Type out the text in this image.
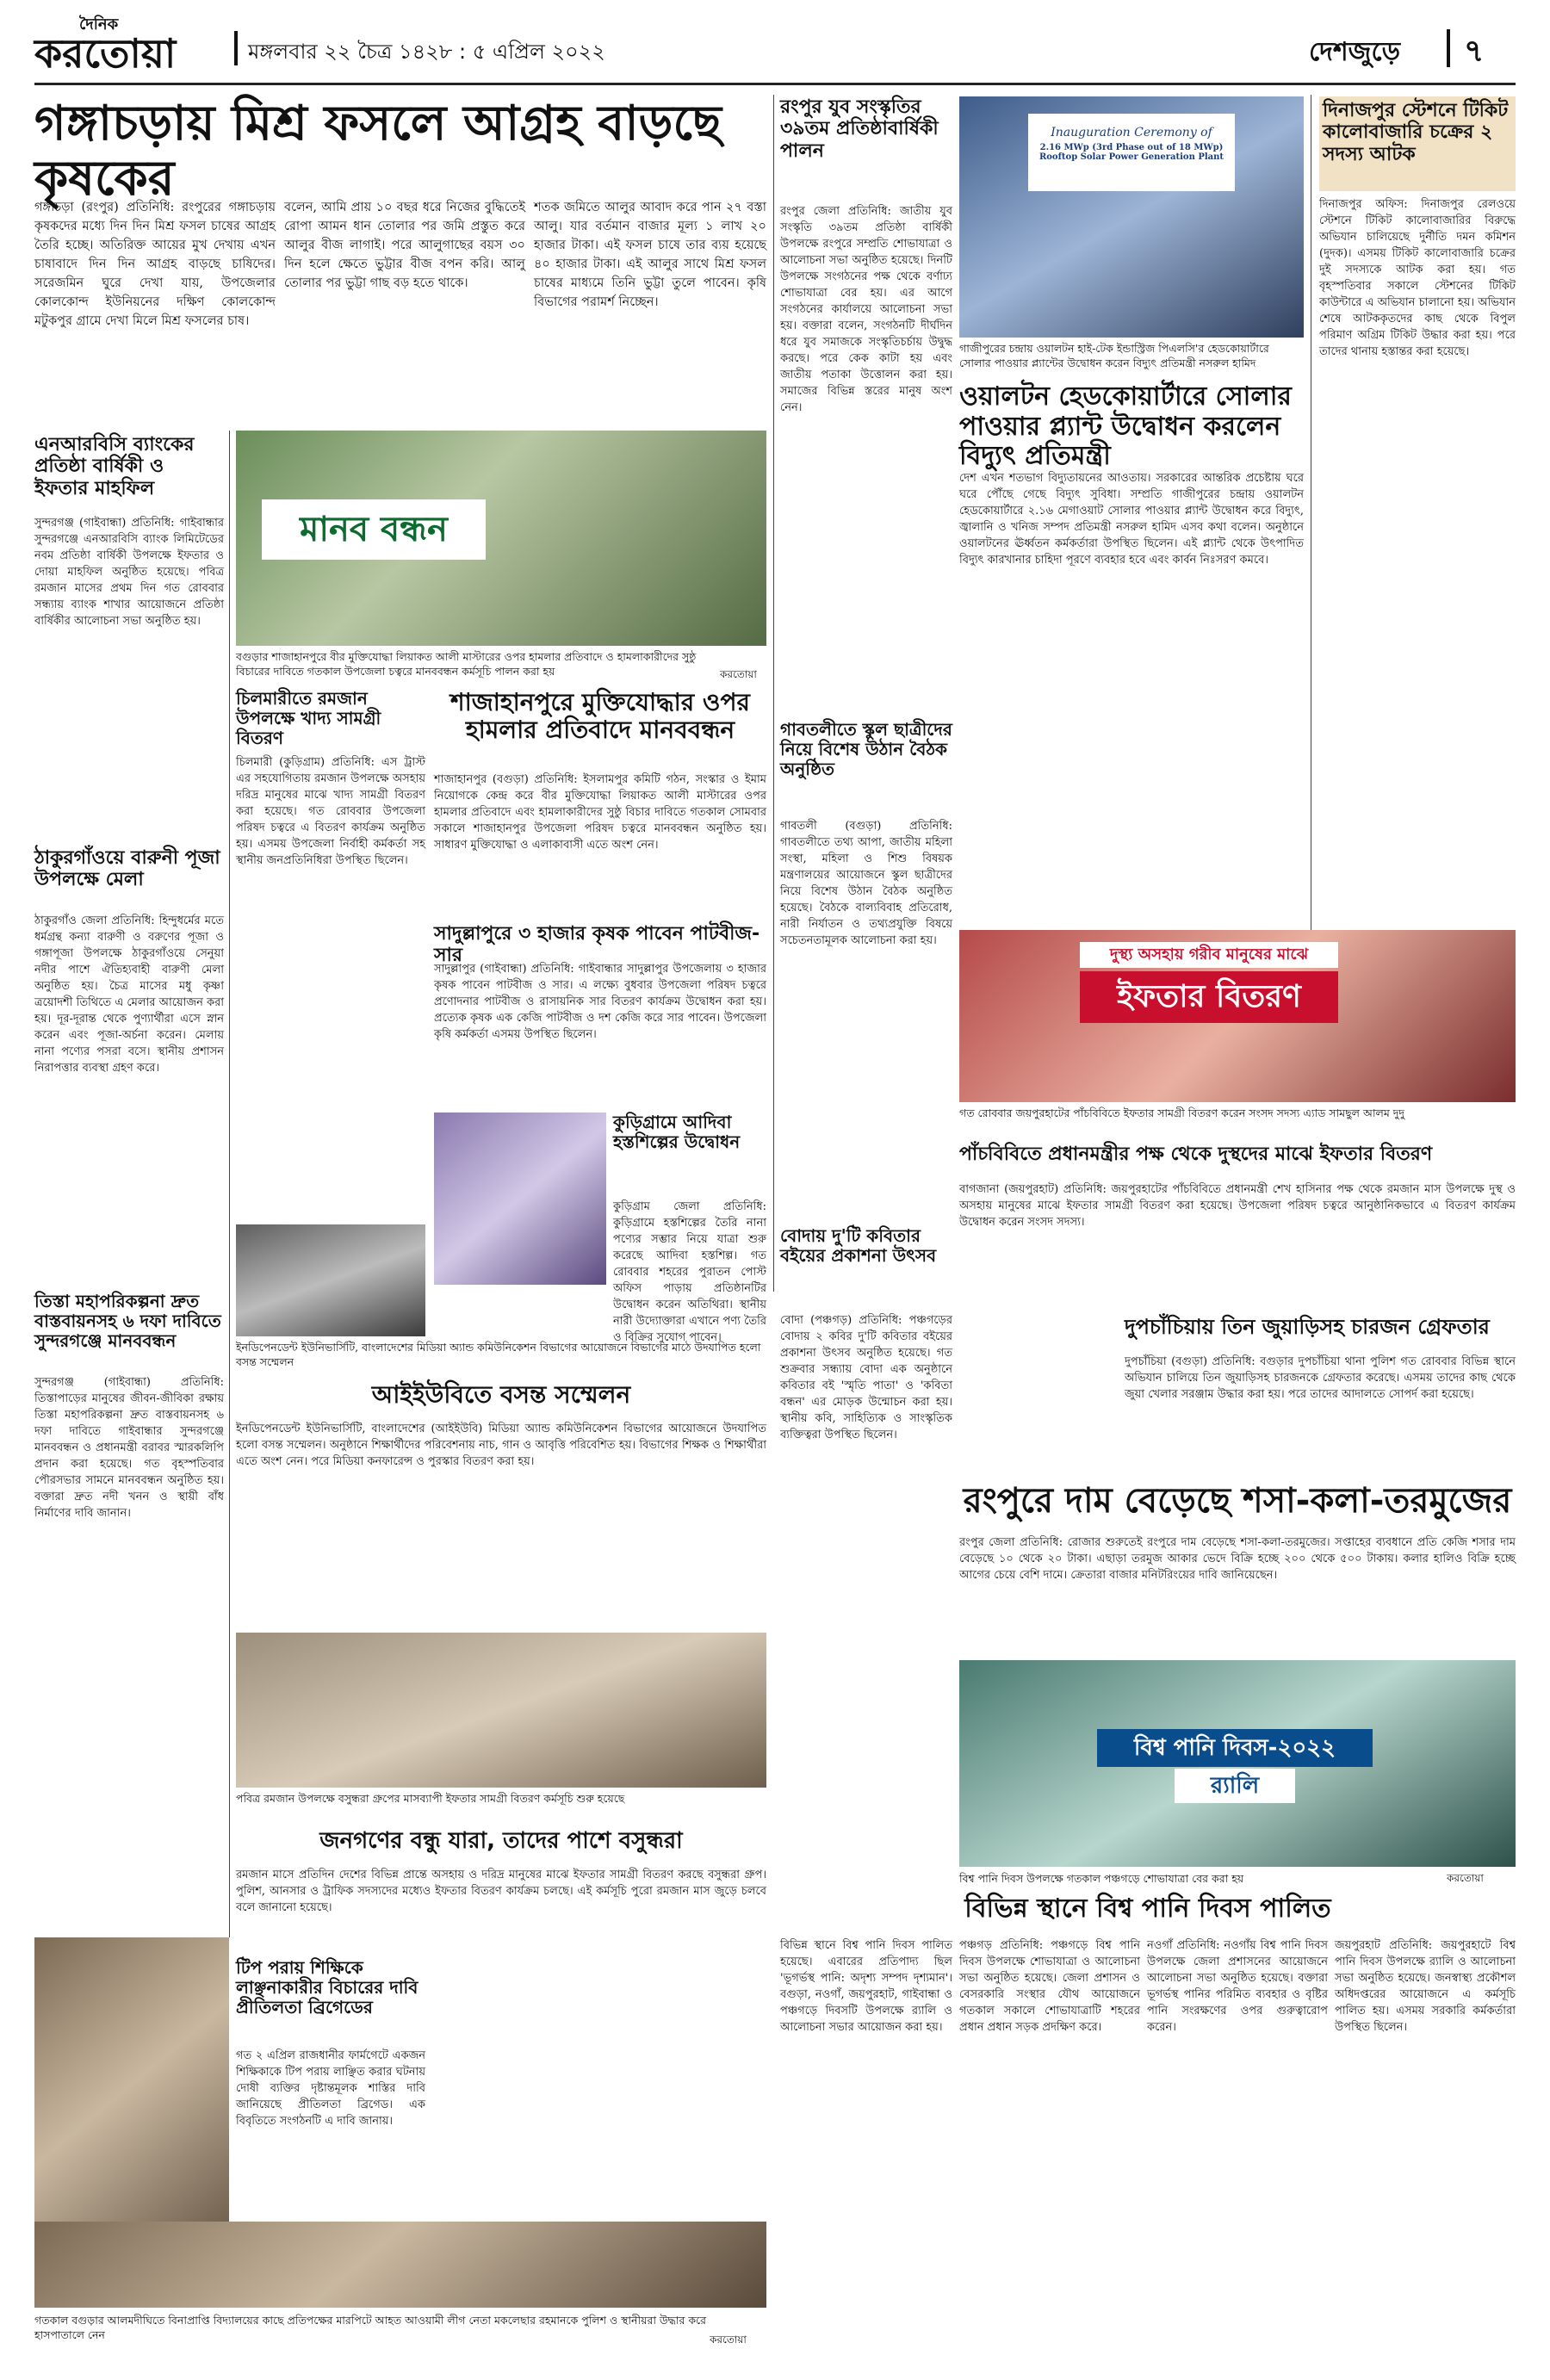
দৈনিক
করতোয়া	মঙ্গলবার ২২ চৈত্র ১৪২৮ : ৫ এপ্রিল ২০২২	দেশজুড়ে	৭
গঙ্গাচড়ায় মিশ্র ফসলে আগ্রহ বাড়ছে কৃষকের
গঙ্গাচড়া (রংপুর) প্রতিনিধি: রংপুরের গঙ্গাচড়ায় কৃষকদের মধ্যে দিন দিন মিশ্র ফসল চাষের আগ্রহ তৈরি হচ্ছে। অতিরিক্ত আয়ের মুখ দেখায় এখন চাষাবাদে দিন দিন আগ্রহ বাড়ছে চাষিদের। সরেজমিন ঘুরে দেখা যায়, উপজেলার কোলকোন্দ ইউনিয়নের দক্ষিণ কোলকোন্দ মটুকপুর গ্রামে দেখা মিলে মিশ্র ফসলের চাষ।
বলেন, আমি প্রায় ১০ বছর ধরে নিজের বুদ্ধিতেই রোপা আমন ধান তোলার পর জমি প্রস্তুত করে আলুর বীজ লাগাই। পরে আলুগাছের বয়স ৩০ দিন হলে ক্ষেতে ভুট্টার বীজ বপন করি। আলু তোলার পর ভুট্টা গাছ বড় হতে থাকে।
শতক জমিতে আলুর আবাদ করে পান ২৭ বস্তা আলু। যার বর্তমান বাজার মূল্য ১ লাখ ২০ হাজার টাকা। এই ফসল চাষে তার ব্যয় হয়েছে ৪০ হাজার টাকা। এই আলুর সাথে মিশ্র ফসল চাষের মাধ্যমে তিনি ভুট্টা তুলে পাবেন। কৃষি বিভাগের পরামর্শ নিচ্ছেন।
রংপুর যুব সংস্কৃতির ৩৯তম প্রতিষ্ঠাবার্ষিকী পালন
রংপুর জেলা প্রতিনিধি: জাতীয় যুব সংস্কৃতি ৩৯তম প্রতিষ্ঠা বার্ষিকী উপলক্ষে রংপুরে সম্প্রতি শোভাযাত্রা ও আলোচনা সভা অনুষ্ঠিত হয়েছে। দিনটি উপলক্ষে সংগঠনের পক্ষ থেকে বর্ণাঢ্য শোভাযাত্রা বের হয়। এর আগে সংগঠনের কার্যালয়ে আলোচনা সভা হয়। বক্তারা বলেন, সংগঠনটি দীর্ঘদিন ধরে যুব সমাজকে সংস্কৃতিচর্চায় উদ্বুদ্ধ করছে। পরে কেক কাটা হয় এবং জাতীয় পতাকা উত্তোলন করা হয়। সমাজের বিভিন্ন স্তরের মানুষ অংশ নেন।
Inauguration Ceremony of
2.16 MWp (3rd Phase out of 18 MWp) Rooftop Solar Power Generation Plant
গাজীপুরের চন্দ্রায় ওয়ালটন হাই-টেক ইন্ডাস্ট্রিজ পিএলসি'র হেডকোয়ার্টারে সোলার পাওয়ার প্ল্যান্টের উদ্বোধন করেন বিদ্যুৎ প্রতিমন্ত্রী নসরুল হামিদ
ওয়ালটন হেডকোয়ার্টারে সোলার পাওয়ার প্ল্যান্ট উদ্বোধন করলেন বিদ্যুৎ প্রতিমন্ত্রী
দেশ এখন শতভাগ বিদ্যুতায়নের আওতায়। সরকারের আন্তরিক প্রচেষ্টায় ঘরে ঘরে পৌঁছে গেছে বিদ্যুৎ সুবিধা। সম্প্রতি গাজীপুরের চন্দ্রায় ওয়ালটন হেডকোয়ার্টারে ২.১৬ মেগাওয়াট সোলার পাওয়ার প্ল্যান্ট উদ্বোধন করে বিদ্যুৎ, জ্বালানি ও খনিজ সম্পদ প্রতিমন্ত্রী নসরুল হামিদ এসব কথা বলেন। অনুষ্ঠানে ওয়ালটনের ঊর্ধ্বতন কর্মকর্তারা উপস্থিত ছিলেন। এই প্ল্যান্ট থেকে উৎপাদিত বিদ্যুৎ কারখানার চাহিদা পূরণে ব্যবহার হবে এবং কার্বন নিঃসরণ কমবে।
দিনাজপুর স্টেশনে টিকিট কালোবাজারি চক্রের ২ সদস্য আটক
দিনাজপুর অফিস: দিনাজপুর রেলওয়ে স্টেশনে টিকিট কালোবাজারির বিরুদ্ধে অভিযান চালিয়েছে দুর্নীতি দমন কমিশন (দুদক)। এসময় টিকিট কালোবাজারি চক্রের দুই সদস্যকে আটক করা হয়। গত বৃহস্পতিবার সকালে স্টেশনের টিকিট কাউন্টারে এ অভিযান চালানো হয়। অভিযান শেষে আটককৃতদের কাছ থেকে বিপুল পরিমাণ অগ্রিম টিকিট উদ্ধার করা হয়। পরে তাদের থানায় হস্তান্তর করা হয়েছে।
এনআরবিসি ব্যাংকের প্রতিষ্ঠা বার্ষিকী ও ইফতার মাহফিল
সুন্দরগঞ্জ (গাইবান্ধা) প্রতিনিধি: গাইবান্ধার সুন্দরগঞ্জে এনআরবিসি ব্যাংক লিমিটেডের নবম প্রতিষ্ঠা বার্ষিকী উপলক্ষে ইফতার ও দোয়া মাহফিল অনুষ্ঠিত হয়েছে। পবিত্র রমজান মাসের প্রথম দিন গত রোববার সন্ধ্যায় ব্যাংক শাখার আয়োজনে প্রতিষ্ঠা বার্ষিকীর আলোচনা সভা অনুষ্ঠিত হয়।
ঠাকুরগাঁওয়ে বারুনী পূজা উপলক্ষে মেলা
ঠাকুরগাঁও জেলা প্রতিনিধি: হিন্দুধর্মের মতে ধর্মগ্রন্থ কন্যা বারুণী ও বরুণের পূজা ও গঙ্গাপূজা উপলক্ষে ঠাকুরগাঁওয়ে সেনুয়া নদীর পাশে ঐতিহ্যবাহী বারুণী মেলা অনুষ্ঠিত হয়। চৈত্র মাসের মধু কৃষ্ণা ত্রয়োদশী তিথিতে এ মেলার আয়োজন করা হয়। দূর-দূরান্ত থেকে পুণ্যার্থীরা এসে স্নান করেন এবং পূজা-অর্চনা করেন। মেলায় নানা পণ্যের পসরা বসে। স্থানীয় প্রশাসন নিরাপত্তার ব্যবস্থা গ্রহণ করে।
তিস্তা মহাপরিকল্পনা দ্রুত বাস্তবায়নসহ ৬ দফা দাবিতে সুন্দরগঞ্জে মানববন্ধন
সুন্দরগঞ্জ (গাইবান্ধা) প্রতিনিধি: তিস্তাপাড়ের মানুষের জীবন-জীবিকা রক্ষায় তিস্তা মহাপরিকল্পনা দ্রুত বাস্তবায়নসহ ৬ দফা দাবিতে গাইবান্ধার সুন্দরগঞ্জে মানববন্ধন ও প্রধানমন্ত্রী বরাবর স্মারকলিপি প্রদান করা হয়েছে। গত বৃহস্পতিবার পৌরসভার সামনে মানববন্ধন অনুষ্ঠিত হয়। বক্তারা দ্রুত নদী খনন ও স্থায়ী বাঁধ নির্মাণের দাবি জানান।
মানব বন্ধন
বগুড়ার শাজাহানপুরে বীর মুক্তিযোদ্ধা লিয়াকত আলী মাস্টারের ওপর হামলার প্রতিবাদে ও হামলাকারীদের সুষ্ঠু বিচারের দাবিতে গতকাল উপজেলা চত্বরে মানববন্ধন কর্মসূচি পালন করা হয়	করতোয়া
চিলমারীতে রমজান উপলক্ষে খাদ্য সামগ্রী বিতরণ
চিলমারী (কুড়িগ্রাম) প্রতিনিধি: এস ট্রাস্ট এর সহযোগিতায় রমজান উপলক্ষে অসহায় দরিদ্র মানুষের মাঝে খাদ্য সামগ্রী বিতরণ করা হয়েছে। গত রোববার উপজেলা পরিষদ চত্বরে এ বিতরণ কার্যক্রম অনুষ্ঠিত হয়। এসময় উপজেলা নির্বাহী কর্মকর্তা সহ স্থানীয় জনপ্রতিনিধিরা উপস্থিত ছিলেন।
শাজাহানপুরে মুক্তিযোদ্ধার ওপর হামলার প্রতিবাদে মানববন্ধন
শাজাহানপুর (বগুড়া) প্রতিনিধি: ইসলামপুর কমিটি গঠন, সংস্কার ও ইমাম নিয়োগকে কেন্দ্র করে বীর মুক্তিযোদ্ধা লিয়াকত আলী মাস্টারের ওপর হামলার প্রতিবাদে এবং হামলাকারীদের সুষ্ঠু বিচার দাবিতে গতকাল সোমবার সকালে শাজাহানপুর উপজেলা পরিষদ চত্বরে মানববন্ধন অনুষ্ঠিত হয়। সাধারণ মুক্তিযোদ্ধা ও এলাকাবাসী এতে অংশ নেন।
সাদুল্লাপুরে ৩ হাজার কৃষক পাবেন পাটবীজ-সার
সাদুল্লাপুর (গাইবান্ধা) প্রতিনিধি: গাইবান্ধার সাদুল্লাপুর উপজেলায় ৩ হাজার কৃষক পাবেন পাটবীজ ও সার। এ লক্ষ্যে বুধবার উপজেলা পরিষদ চত্বরে প্রণোদনার পাটবীজ ও রাসায়নিক সার বিতরণ কার্যক্রম উদ্বোধন করা হয়। প্রত্যেক কৃষক এক কেজি পাটবীজ ও দশ কেজি করে সার পাবেন। উপজেলা কৃষি কর্মকর্তা এসময় উপস্থিত ছিলেন।
ইনডিপেনডেন্ট ইউনিভার্সিটি, বাংলাদেশের মিডিয়া অ্যান্ড কমিউনিকেশন বিভাগের আয়োজনে বিভাগের মাঠে উদযাপিত হলো বসন্ত সম্মেলন
কুড়িগ্রামে আদিবা হস্তশিল্পের উদ্বোধন
কুড়িগ্রাম জেলা প্রতিনিধি: কুড়িগ্রামে হস্তশিল্পের তৈরি নানা পণ্যের সম্ভার নিয়ে যাত্রা শুরু করেছে আদিবা হস্তশিল্প। গত রোববার শহরের পুরাতন পোস্ট অফিস পাড়ায় প্রতিষ্ঠানটির উদ্বোধন করেন অতিথিরা। স্থানীয় নারী উদ্যোক্তারা এখানে পণ্য তৈরি ও বিক্রির সুযোগ পাবেন।
আইইউবিতে বসন্ত সম্মেলন
ইনডিপেনডেন্ট ইউনিভার্সিটি, বাংলাদেশের (আইইউবি) মিডিয়া অ্যান্ড কমিউনিকেশন বিভাগের আয়োজনে উদযাপিত হলো বসন্ত সম্মেলন। অনুষ্ঠানে শিক্ষার্থীদের পরিবেশনায় নাচ, গান ও আবৃত্তি পরিবেশিত হয়। বিভাগের শিক্ষক ও শিক্ষার্থীরা এতে অংশ নেন। পরে মিডিয়া কনফারেন্স ও পুরস্কার বিতরণ করা হয়।
গাবতলীতে স্কুল ছাত্রীদের নিয়ে বিশেষ উঠান বৈঠক অনুষ্ঠিত
গাবতলী (বগুড়া) প্রতিনিধি: গাবতলীতে তথ্য আপা, জাতীয় মহিলা সংস্থা, মহিলা ও শিশু বিষয়ক মন্ত্রণালয়ের আয়োজনে স্কুল ছাত্রীদের নিয়ে বিশেষ উঠান বৈঠক অনুষ্ঠিত হয়েছে। বৈঠকে বাল্যবিবাহ প্রতিরোধ, নারী নির্যাতন ও তথ্যপ্রযুক্তি বিষয়ে সচেতনতামূলক আলোচনা করা হয়।
দুস্থ্য অসহায় গরীব মানুষের মাঝে
ইফতার বিতরণ
গত রোববার জয়পুরহাটের পাঁচবিবিতে ইফতার সামগ্রী বিতরণ করেন সংসদ সদস্য এ্যাড সামছুল আলম দুদু
পাঁচবিবিতে প্রধানমন্ত্রীর পক্ষ থেকে দুস্থদের মাঝে ইফতার বিতরণ
বাগজানা (জয়পুরহাট) প্রতিনিধি: জয়পুরহাটের পাঁচবিবিতে প্রধানমন্ত্রী শেখ হাসিনার পক্ষ থেকে রমজান মাস উপলক্ষে দুস্থ ও অসহায় মানুষের মাঝে ইফতার সামগ্রী বিতরণ করা হয়েছে। উপজেলা পরিষদ চত্বরে আনুষ্ঠানিকভাবে এ বিতরণ কার্যক্রম উদ্বোধন করেন সংসদ সদস্য।
দুপচাঁচিয়ায় তিন জুয়াড়িসহ চারজন গ্রেফতার
দুপচাঁচিয়া (বগুড়া) প্রতিনিধি: বগুড়ার দুপচাঁচিয়া থানা পুলিশ গত রোববার বিভিন্ন স্থানে অভিযান চালিয়ে তিন জুয়াড়িসহ চারজনকে গ্রেফতার করেছে। এসময় তাদের কাছ থেকে জুয়া খেলার সরঞ্জাম উদ্ধার করা হয়। পরে তাদের আদালতে সোপর্দ করা হয়েছে।
বোদায় দু'টি কবিতার বইয়ের প্রকাশনা উৎসব
বোদা (পঞ্চগড়) প্রতিনিধি: পঞ্চগড়ের বোদায় ২ কবির দু'টি কবিতার বইয়ের প্রকাশনা উৎসব অনুষ্ঠিত হয়েছে। গত শুক্রবার সন্ধ্যায় বোদা এক অনুষ্ঠানে কবিতার বই 'স্মৃতি পাতা' ও 'কবিতা বন্ধন' এর মোড়ক উন্মোচন করা হয়। স্থানীয় কবি, সাহিত্যিক ও সাংস্কৃতিক ব্যক্তিত্বরা উপস্থিত ছিলেন।
রংপুরে দাম বেড়েছে শসা-কলা-তরমুজের
রংপুর জেলা প্রতিনিধি: রোজার শুরুতেই রংপুরে দাম বেড়েছে শসা-কলা-তরমুজের। সপ্তাহের ব্যবধানে প্রতি কেজি শসার দাম বেড়েছে ১০ থেকে ২০ টাকা। এছাড়া তরমুজ আকার ভেদে বিক্রি হচ্ছে ২০০ থেকে ৫০০ টাকায়। কলার হালিও বিক্রি হচ্ছে আগের চেয়ে বেশি দামে। ক্রেতারা বাজার মনিটরিংয়ের দাবি জানিয়েছেন।
বিশ্ব পানি দিবস-২০২২
র‍্যালি
বিশ্ব পানি দিবস উপলক্ষে গতকাল পঞ্চগড়ে শোভাযাত্রা বের করা হয়	করতোয়া
পবিত্র রমজান উপলক্ষে বসুন্ধরা গ্রুপের মাসব্যাপী ইফতার সামগ্রী বিতরণ কর্মসূচি শুরু হয়েছে
জনগণের বন্ধু যারা, তাদের পাশে বসুন্ধরা
রমজান মাসে প্রতিদিন দেশের বিভিন্ন প্রান্তে অসহায় ও দরিদ্র মানুষের মাঝে ইফতার সামগ্রী বিতরণ করছে বসুন্ধরা গ্রুপ। পুলিশ, আনসার ও ট্রাফিক সদস্যদের মধ্যেও ইফতার বিতরণ কার্যক্রম চলছে। এই কর্মসূচি পুরো রমজান মাস জুড়ে চলবে বলে জানানো হয়েছে।
টিপ পরায় শিক্ষিকে লাঞ্ছনাকারীর বিচারের দাবি প্রীতিলতা ব্রিগেডের
গত ২ এপ্রিল রাজধানীর ফার্মগেটে একজন শিক্ষিকাকে টিপ পরায় লাঞ্ছিত করার ঘটনায় দোষী ব্যক্তির দৃষ্টান্তমূলক শাস্তির দাবি জানিয়েছে প্রীতিলতা ব্রিগেড। এক বিবৃতিতে সংগঠনটি এ দাবি জানায়।
বিভিন্ন স্থানে বিশ্ব পানি দিবস পালিত
বিভিন্ন স্থানে বিশ্ব পানি দিবস পালিত হয়েছে। এবারের প্রতিপাদ্য ছিল 'ভূগর্ভস্থ পানি: অদৃশ্য সম্পদ দৃশ্যমান'। বগুড়া, নওগাঁ, জয়পুরহাট, গাইবান্ধা ও পঞ্চগড়ে দিবসটি উপলক্ষে র‍্যালি ও আলোচনা সভার আয়োজন করা হয়।
পঞ্চগড় প্রতিনিধি: পঞ্চগড়ে বিশ্ব পানি দিবস উপলক্ষে শোভাযাত্রা ও আলোচনা সভা অনুষ্ঠিত হয়েছে। জেলা প্রশাসন ও বেসরকারি সংস্থার যৌথ আয়োজনে গতকাল সকালে শোভাযাত্রাটি শহরের প্রধান প্রধান সড়ক প্রদক্ষিণ করে।
নওগাঁ প্রতিনিধি: নওগাঁয় বিশ্ব পানি দিবস উপলক্ষে জেলা প্রশাসনের আয়োজনে আলোচনা সভা অনুষ্ঠিত হয়েছে। বক্তারা ভূগর্ভস্থ পানির পরিমিত ব্যবহার ও বৃষ্টির পানি সংরক্ষণের ওপর গুরুত্বারোপ করেন।
জয়পুরহাট প্রতিনিধি: জয়পুরহাটে বিশ্ব পানি দিবস উপলক্ষে র‍্যালি ও আলোচনা সভা অনুষ্ঠিত হয়েছে। জনস্বাস্থ্য প্রকৌশল অধিদপ্তরের আয়োজনে এ কর্মসূচি পালিত হয়। এসময় সরকারি কর্মকর্তারা উপস্থিত ছিলেন।
গতকাল বগুড়ার আলমদীঘিতে বিনাপ্রাপ্তি বিদ্যালয়ের কাছে প্রতিপক্ষের মারপিটে আহত আওয়ামী লীগ নেতা মকলেছার রহমানকে পুলিশ ও স্থানীয়রা উদ্ধার করে হাসপাতালে নেন	করতোয়া
